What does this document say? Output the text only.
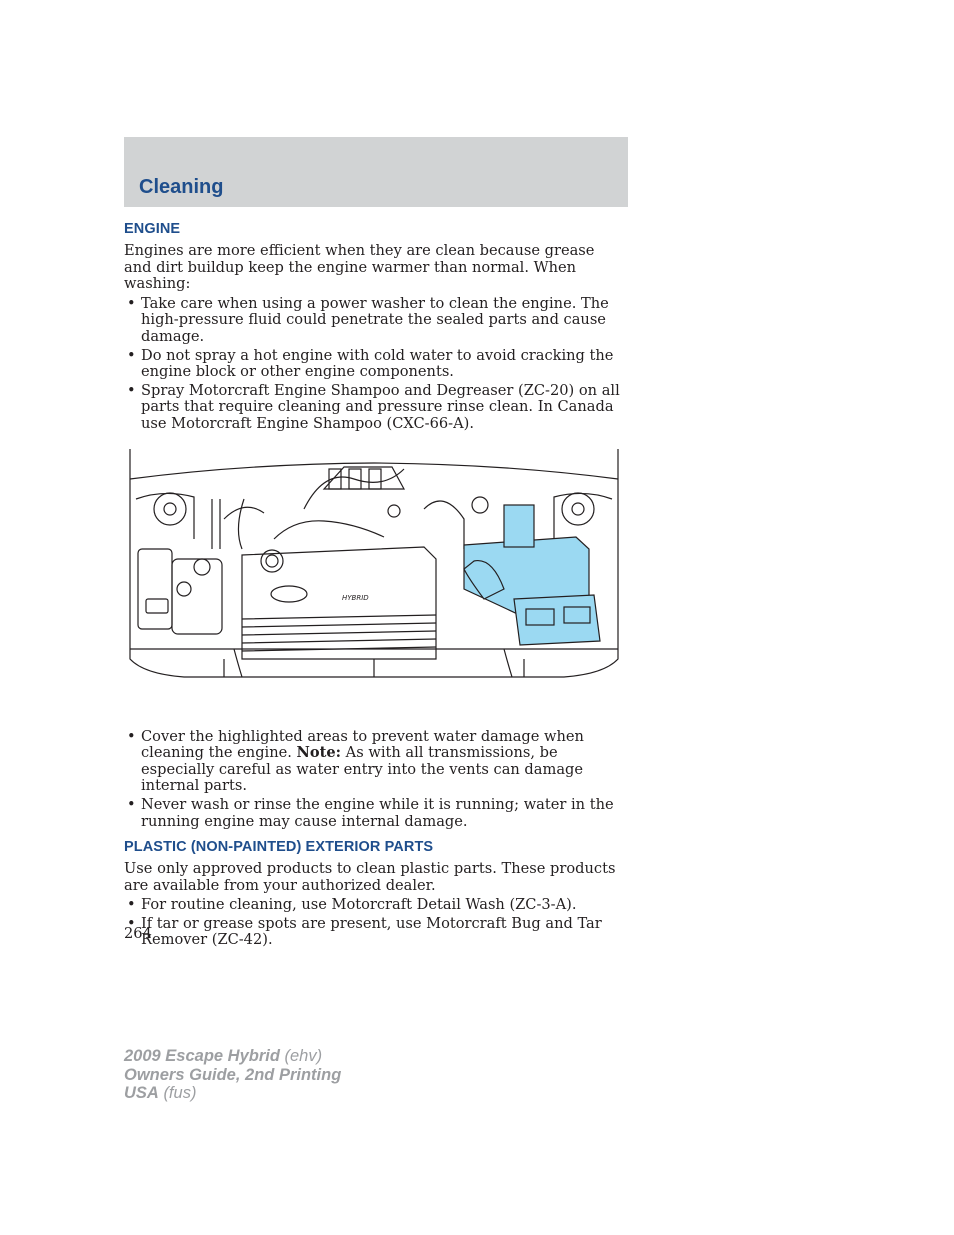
Cleaning
ENGINE

Engines are more efficient when they are clean because grease and dirt buildup keep the engine warmer than normal. When washing:

• Take care when using a power washer to clean the engine. The high-pressure fluid could penetrate the sealed parts and cause damage.
• Do not spray a hot engine with cold water to avoid cracking the engine block or other engine components.
• Spray Motorcraft Engine Shampoo and Degreaser (ZC-20) on all parts that require cleaning and pressure rinse clean. In Canada use Motorcraft Engine Shampoo (CXC-66-A).
HYBRID
• Cover the highlighted areas to prevent water damage when cleaning the engine. Note: As with all transmissions, be especially careful as water entry into the vents can damage internal parts.
• Never wash or rinse the engine while it is running; water in the running engine may cause internal damage.
PLASTIC (NON-PAINTED) EXTERIOR PARTS

Use only approved products to clean plastic parts. These products are available from your authorized dealer.

• For routine cleaning, use Motorcraft Detail Wash (ZC-3-A).
• If tar or grease spots are present, use Motorcraft Bug and Tar Remover (ZC-42).
264
2009 Escape Hybrid (ehv)
Owners Guide, 2nd Printing
USA (fus)
